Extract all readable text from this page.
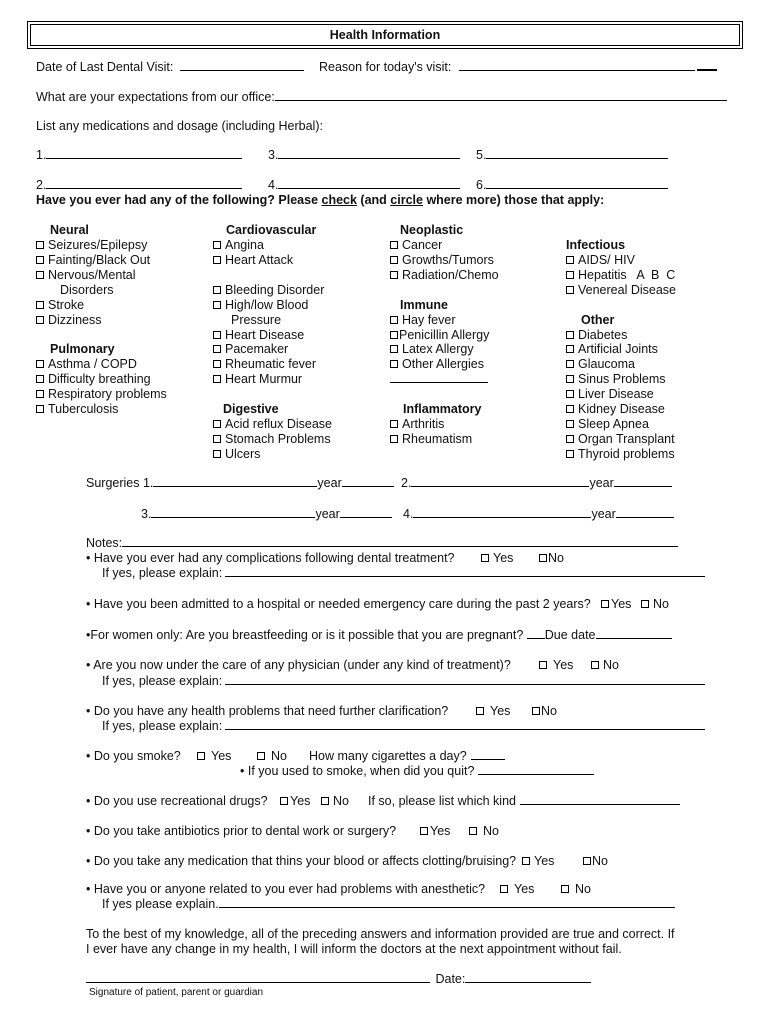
Health Information
Date of Last Dental Visit:	Reason for today's visit:
What are your expectations from our office:
List any medications and dosage (including Herbal):
1.	3.	5.
2.	4.	6.
Have you ever had any of the following? Please check (and circle where more) those that apply:
Neural
Seizures/Epilepsy
Fainting/Black Out
Nervous/Mental
Disorders
Stroke
Dizziness
Pulmonary
Asthma / COPD
Difficulty breathing
Respiratory problems
Tuberculosis
Cardiovascular
Angina
Heart Attack
Bleeding Disorder
High/low Blood
Pressure
Heart Disease
Pacemaker
Rheumatic fever
Heart Murmur
Digestive
Acid reflux Disease
Stomach Problems
Ulcers
Neoplastic
Cancer
Growths/Tumors
Radiation/Chemo
Immune
Hay fever
Penicillin Allergy
Latex Allergy
Other Allergies
Inflammatory
Arthritis
Rheumatism
Infectious
AIDS/ HIV
Hepatitis   A  B  C
Venereal Disease
Other
Diabetes
Artificial Joints
Glaucoma
Sinus Problems
Liver Disease
Kidney Disease
Sleep Apnea
Organ Transplant
Thyroid problems
Surgeries 1.	year	2.	year
3.	year	4.	year
Notes:
• Have you ever had any complications following dental treatment?	Yes	No
If yes, please explain:
• Have you been admitted to a hospital or needed emergency care during the past 2 years?	Yes	No
•For women only: Are you breastfeeding or is it possible that you are pregnant? Due date
• Are you now under the care of any physician (under any kind of treatment)?	Yes	No
If yes, please explain:
• Do you have any health problems that need further clarification?	Yes	No
If yes, please explain:
• Do you smoke?	Yes	No How many cigarettes a day?
• If you used to smoke, when did you quit?
• Do you use recreational drugs?	Yes	No If so, please list which kind
• Do you take antibiotics prior to dental work or surgery?	Yes	No
• Do you take any medication that thins your blood or affects clotting/bruising?	Yes	No
• Have you or anyone related to you ever had problems with anesthetic?	Yes	No
If yes please explain.
To the best of my knowledge, all of the preceding answers and information provided are true and correct. If
I ever have any change in my health, I will inform the doctors at the next appointment without fail.
Date:
Signature of patient, parent or guardian
